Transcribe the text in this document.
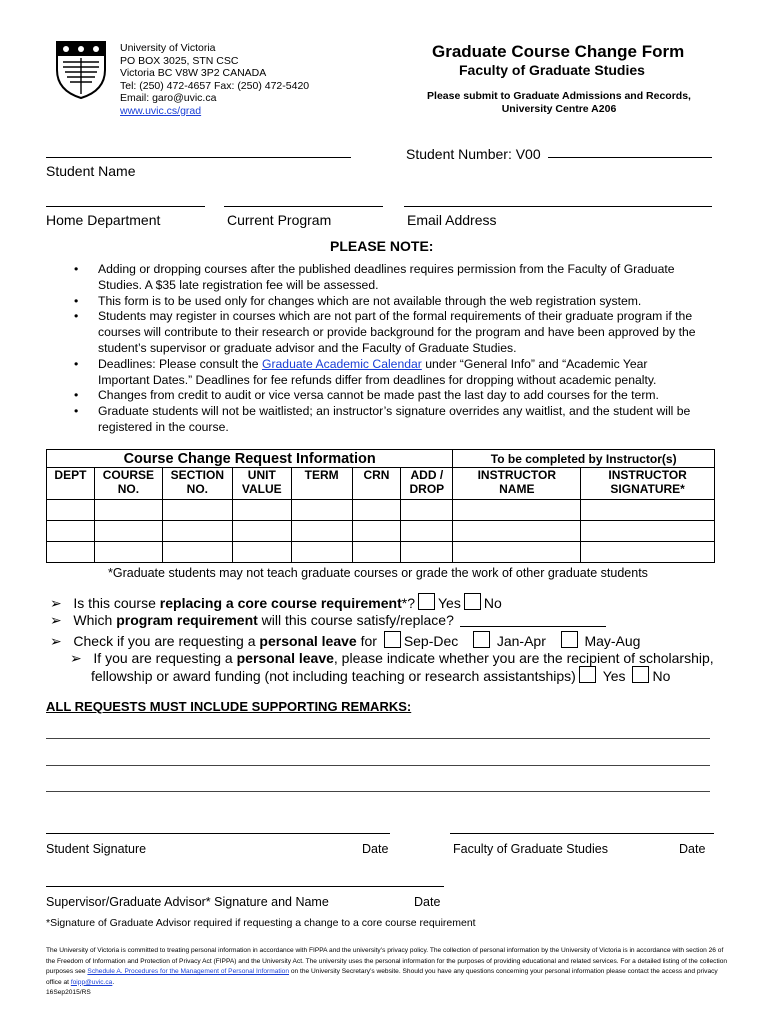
University of Victoria
PO BOX 3025, STN CSC
Victoria BC V8W 3P2 CANADA
Tel: (250) 472-4657 Fax: (250) 472-5420
Email: garo@uvic.ca
www.uvic.cs/grad
Graduate Course Change Form
Faculty of Graduate Studies
Please submit to Graduate Admissions and Records,
University Centre A206
Student Number: V00
Student Name
Home Department	Current Program	Email Address
PLEASE NOTE:
• Adding or dropping courses after the published deadlines requires permission from the Faculty of Graduate Studies. A $35 late registration fee will be assessed.
• This form is to be used only for changes which are not available through the web registration system.
• Students may register in courses which are not part of the formal requirements of their graduate program if the courses will contribute to their research or provide background for the program and have been approved by the student’s supervisor or graduate advisor and the Faculty of Graduate Studies.
• Deadlines: Please consult the Graduate Academic Calendar under “General Info” and “Academic Year Important Dates.” Deadlines for fee refunds differ from deadlines for dropping without academic penalty.
• Changes from credit to audit or vice versa cannot be made past the last day to add courses for the term.
• Graduate students will not be waitlisted; an instructor’s signature overrides any waitlist, and the student will be registered in the course.
Course Change Request Information							To be completed by Instructor(s)	
DEPT	COURSE NO.	SECTION NO.	UNIT VALUE	TERM	CRN	ADD / DROP	INSTRUCTOR NAME	INSTRUCTOR SIGNATURE*

*Graduate students may not teach graduate courses or grade the work of other graduate students
➢ Is this course replacing a core course requirement*? Yes No
➢ Which program requirement will this course satisfy/replace?
➢ Check if you are requesting a personal leave for Sep-Dec	Jan-Apr	May-Aug
➢ If you are requesting a personal leave, please indicate whether you are the recipient of scholarship,
fellowship or award funding (not including teaching or research assistantships) Yes No
ALL REQUESTS MUST INCLUDE SUPPORTING REMARKS:
Student Signature	Date	Faculty of Graduate Studies	Date
Supervisor/Graduate Advisor* Signature and Name	Date
*Signature of Graduate Advisor required if requesting a change to a core course requirement
The University of Victoria is committed to treating personal information in accordance with FIPPA and the university’s privacy policy. The collection of personal information by the University of Victoria is in accordance with section 26 of the Freedom of Information and Protection of Privacy Act (FIPPA) and the University Act. The university uses the personal information for the purposes of providing educational and related services. For a detailed listing of the collection purposes see Schedule A. Procedures for the Management of Personal Information on the University Secretary’s website. Should you have any questions concerning your personal information please contact the access and privacy office at foipp@uvic.ca.
16Sep2015/RS
